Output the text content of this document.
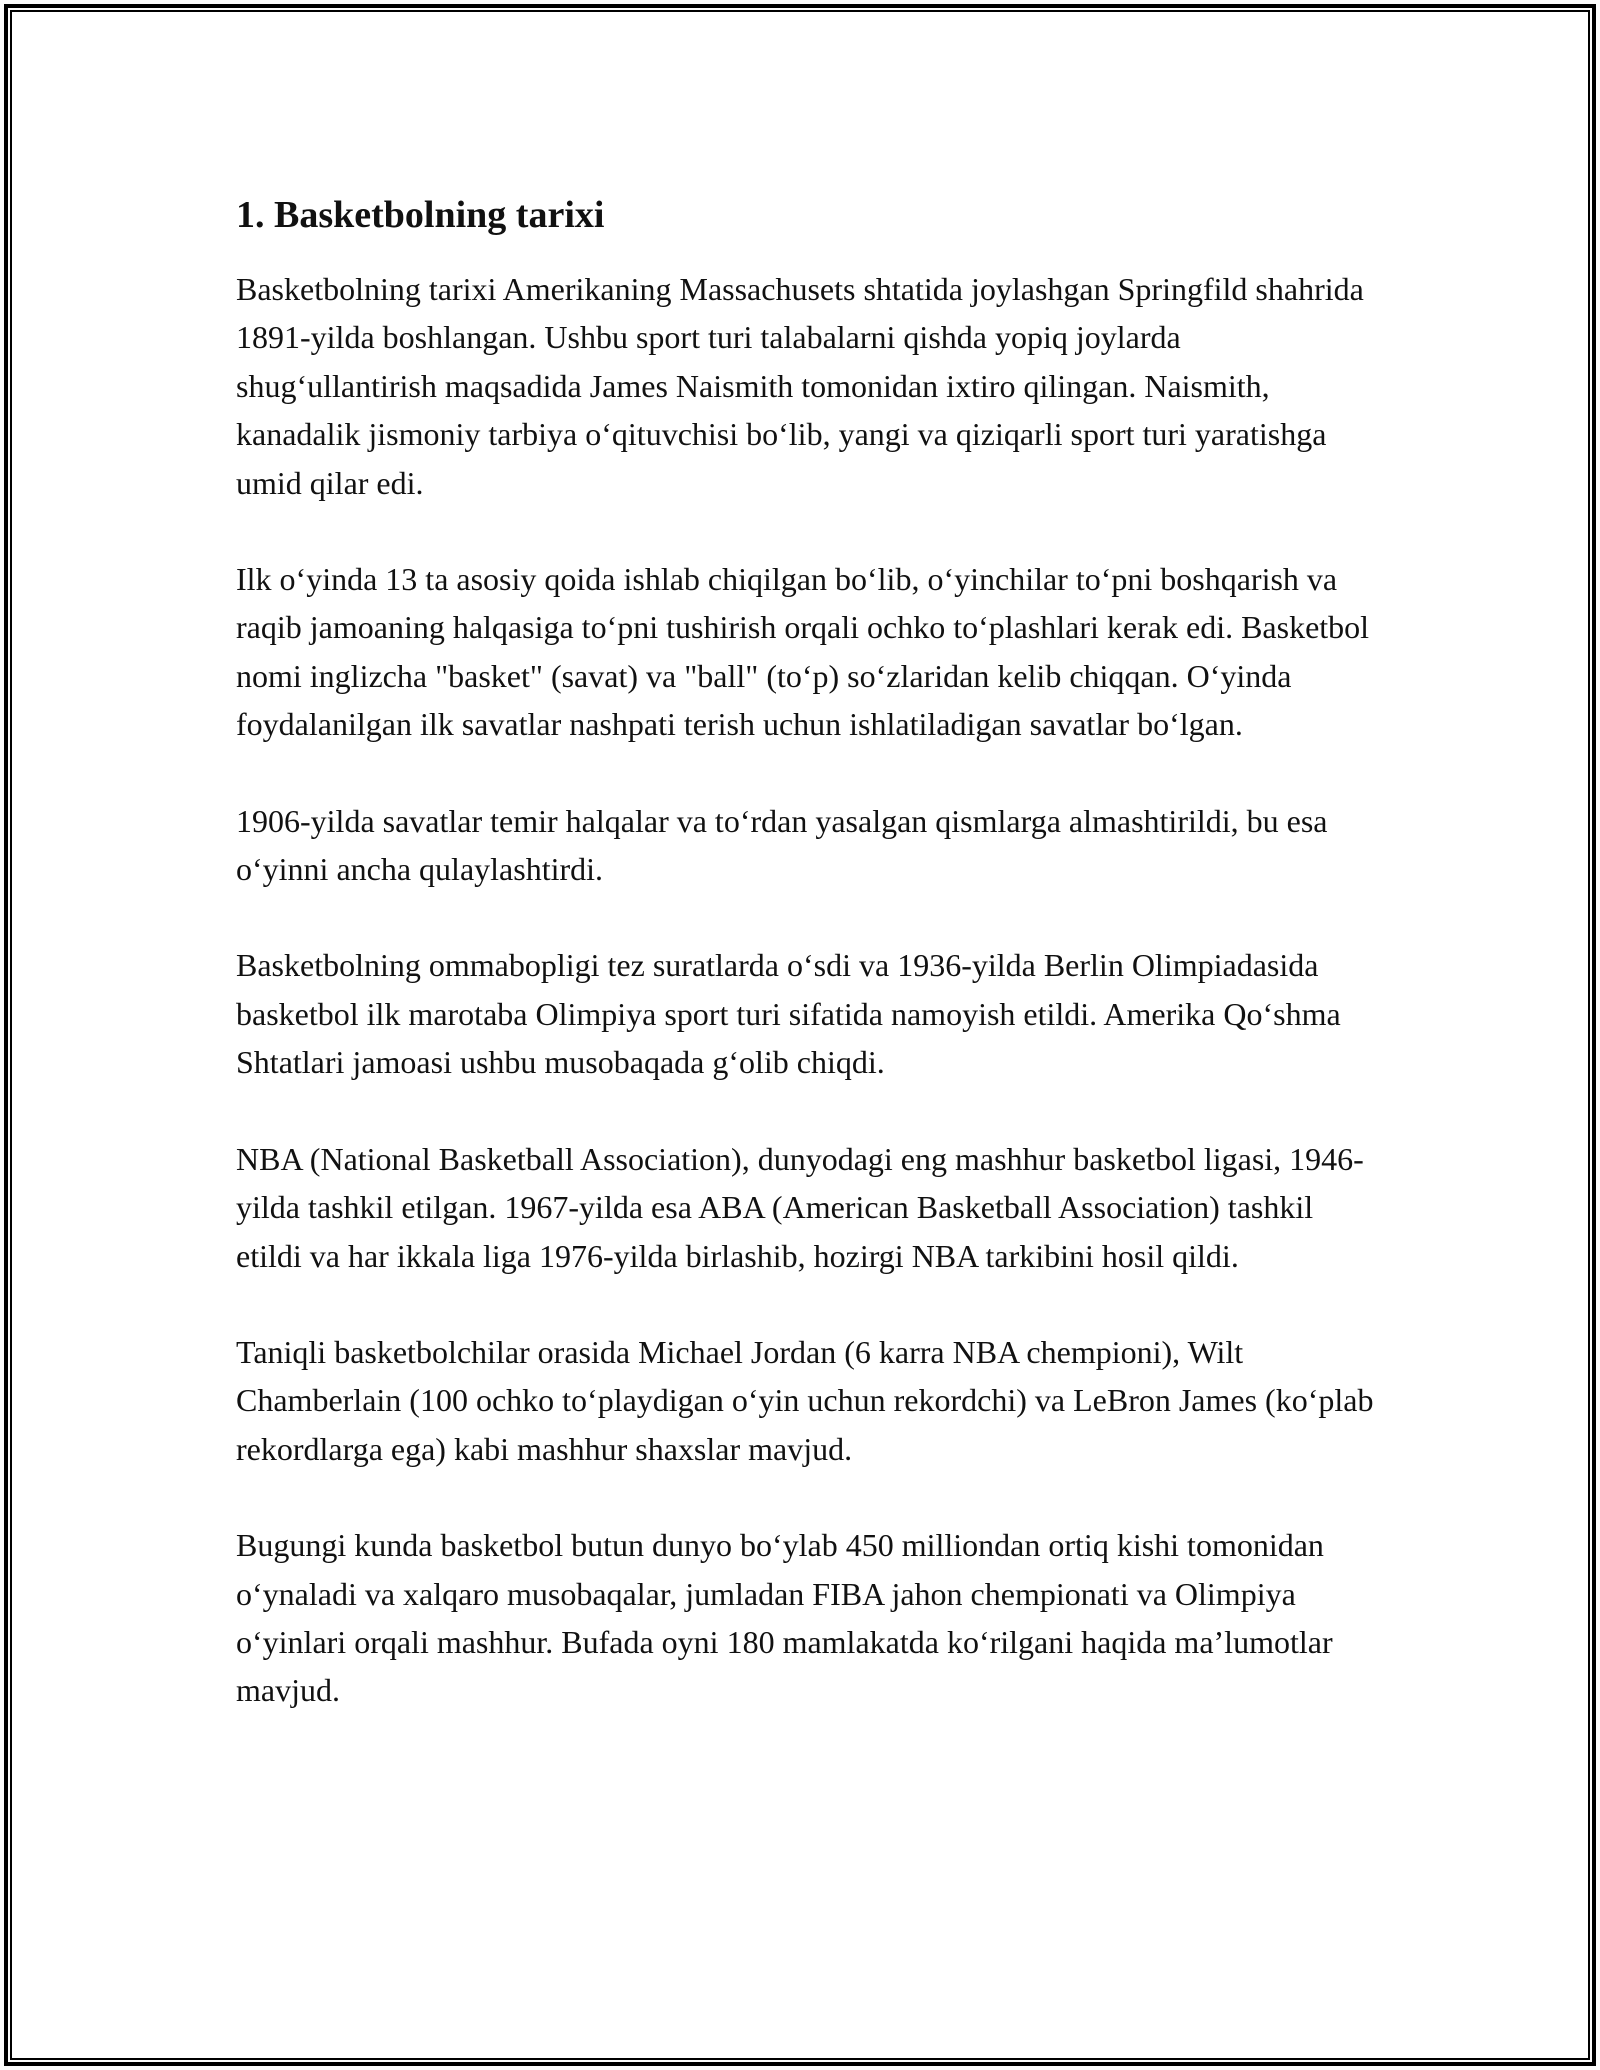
1. Basketbolning tarixi

Basketbolning tarixi Amerikaning Massachusets shtatida joylashgan Springfild shahrida 1891-yilda boshlangan. Ushbu sport turi talabalarni qishda yopiq joylarda shugʻullantirish maqsadida James Naismith tomonidan ixtiro qilingan. Naismith, kanadalik jismoniy tarbiya oʻqituvchisi boʻlib, yangi va qiziqarli sport turi yaratishga umid qilar edi.

Ilk oʻyinda 13 ta asosiy qoida ishlab chiqilgan boʻlib, oʻyinchilar toʻpni boshqarish va raqib jamoaning halqasiga toʻpni tushirish orqali ochko toʻplashlari kerak edi. Basketbol nomi inglizcha "basket" (savat) va "ball" (toʻp) soʻzlaridan kelib chiqqan. Oʻyinda foydalanilgan ilk savatlar nashpati terish uchun ishlatiladigan savatlar boʻlgan.

1906-yilda savatlar temir halqalar va toʻrdan yasalgan qismlarga almashtirildi, bu esa oʻyinni ancha qulaylashtirdi.

Basketbolning ommabopligi tez suratlarda oʻsdi va 1936-yilda Berlin Olimpiadasida basketbol ilk marotaba Olimpiya sport turi sifatida namoyish etildi. Amerika Qoʻshma Shtatlari jamoasi ushbu musobaqada gʻolib chiqdi.

NBA (National Basketball Association), dunyodagi eng mashhur basketbol ligasi, 1946-yilda tashkil etilgan. 1967-yilda esa ABA (American Basketball Association) tashkil etildi va har ikkala liga 1976-yilda birlashib, hozirgi NBA tarkibini hosil qildi.

Taniqli basketbolchilar orasida Michael Jordan (6 karra NBA chempioni), Wilt Chamberlain (100 ochko toʻplaydigan oʻyin uchun rekordchi) va LeBron James (koʻplab rekordlarga ega) kabi mashhur shaxslar mavjud.

Bugungi kunda basketbol butun dunyo boʻylab 450 milliondan ortiq kishi tomonidan oʻynaladi va xalqaro musobaqalar, jumladan FIBA jahon chempionati va Olimpiya oʻyinlari orqali mashhur. Bufada oyni 180 mamlakatda koʻrilgani haqida maʼlumotlar mavjud.
